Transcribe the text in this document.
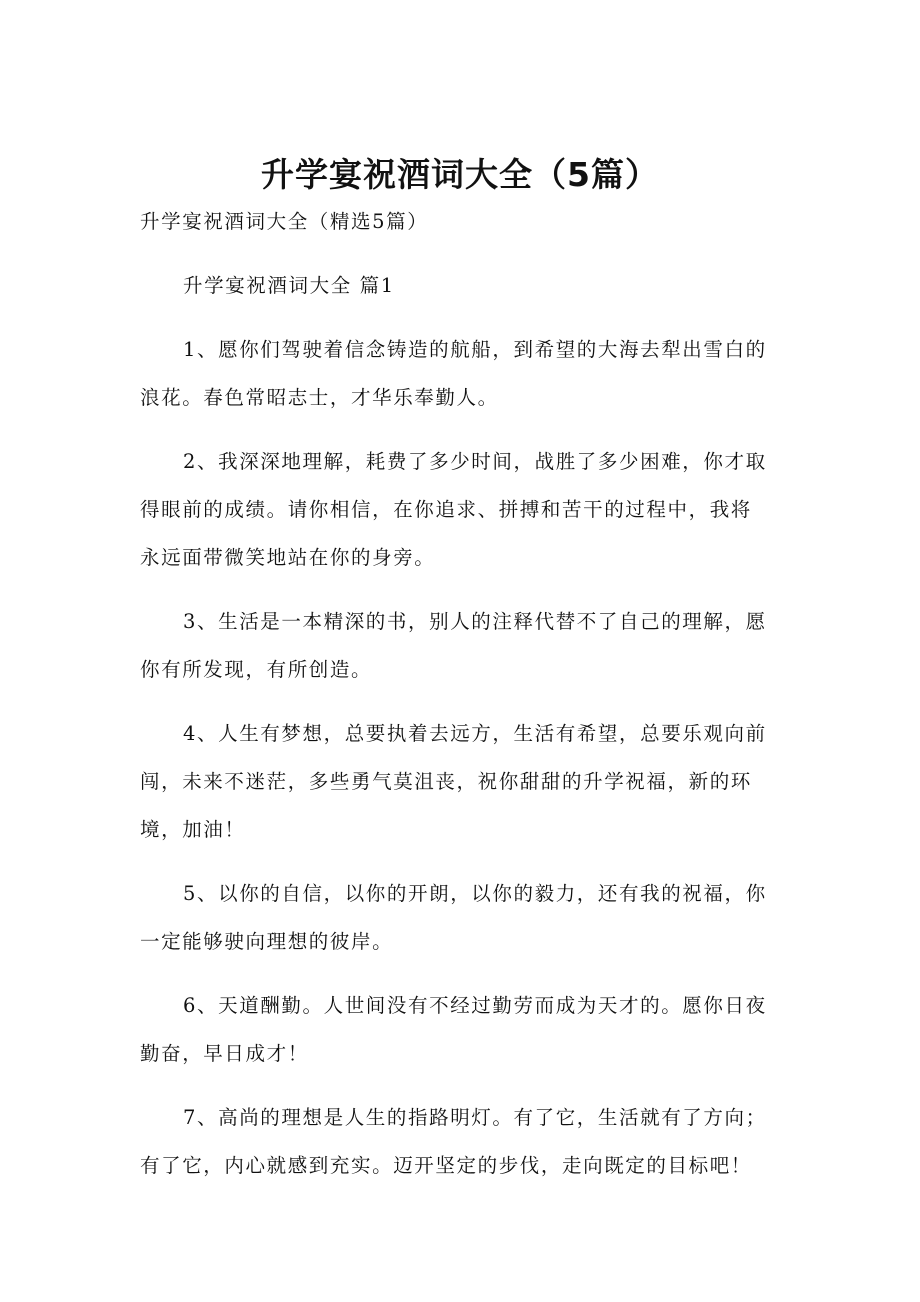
升学宴祝酒词大全（5篇）
升学宴祝酒词大全（精选5篇）
升学宴祝酒词大全 篇1
1、愿你们驾驶着信念铸造的航船，到希望的大海去犁出雪白的
浪花。春色常昭志士，才华乐奉勤人。
2、我深深地理解，耗费了多少时间，战胜了多少困难，你才取
得眼前的成绩。请你相信，在你追求、拼搏和苦干的过程中，我将
永远面带微笑地站在你的身旁。
3、生活是一本精深的书，别人的注释代替不了自己的理解，愿
你有所发现，有所创造。
4、人生有梦想，总要执着去远方，生活有希望，总要乐观向前
闯，未来不迷茫，多些勇气莫沮丧，祝你甜甜的升学祝福，新的环
境，加油！
5、以你的自信，以你的开朗，以你的毅力，还有我的祝福，你
一定能够驶向理想的彼岸。
6、天道酬勤。人世间没有不经过勤劳而成为天才的。愿你日夜
勤奋，早日成才！
7、高尚的理想是人生的指路明灯。有了它，生活就有了方向；
有了它，内心就感到充实。迈开坚定的步伐，走向既定的目标吧！
